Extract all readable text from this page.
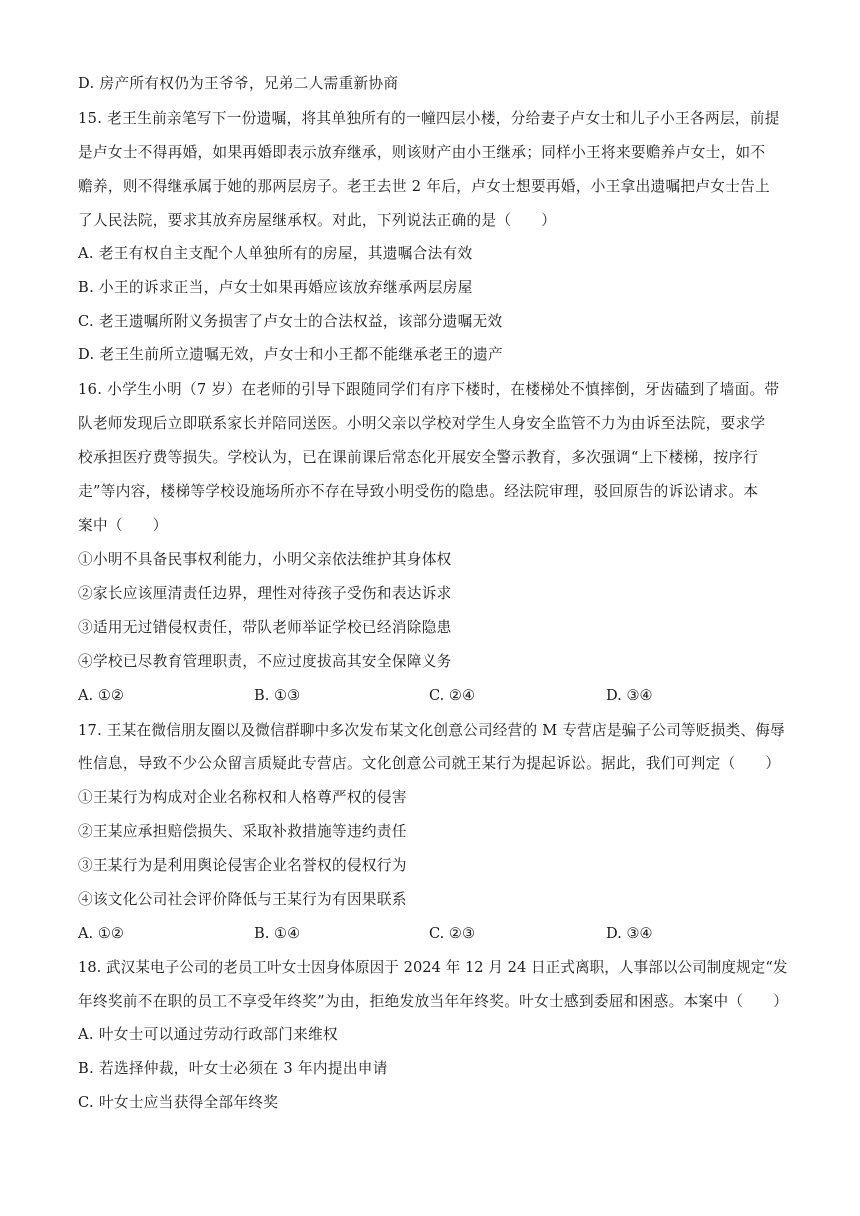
D. 房产所有权仍为王爷爷，兄弟二人需重新协商
15. 老王生前亲笔写下一份遗嘱，将其单独所有的一幢四层小楼，分给妻子卢女士和儿子小王各两层，前提
是卢女士不得再婚，如果再婚即表示放弃继承，则该财产由小王继承；同样小王将来要赡养卢女士，如不
赡养，则不得继承属于她的那两层房子。老王去世 2 年后，卢女士想要再婚，小王拿出遗嘱把卢女士告上
了人民法院，要求其放弃房屋继承权。对此，下列说法正确的是（　　）
A. 老王有权自主支配个人单独所有的房屋，其遗嘱合法有效
B. 小王的诉求正当，卢女士如果再婚应该放弃继承两层房屋
C. 老王遗嘱所附义务损害了卢女士的合法权益，该部分遗嘱无效
D. 老王生前所立遗嘱无效，卢女士和小王都不能继承老王的遗产
16. 小学生小明（7 岁）在老师的引导下跟随同学们有序下楼时，在楼梯处不慎摔倒，牙齿磕到了墙面。带
队老师发现后立即联系家长并陪同送医。小明父亲以学校对学生人身安全监管不力为由诉至法院，要求学
校承担医疗费等损失。学校认为，已在课前课后常态化开展安全警示教育，多次强调“上下楼梯，按序行
走”等内容，楼梯等学校设施场所亦不存在导致小明受伤的隐患。经法院审理，驳回原告的诉讼请求。本
案中（　　）
①小明不具备民事权利能力，小明父亲依法维护其身体权
②家长应该厘清责任边界，理性对待孩子受伤和表达诉求
③适用无过错侵权责任，带队老师举证学校已经消除隐患
④学校已尽教育管理职责，不应过度拔高其安全保障义务
A. ①②	B. ①③	C. ②④	D. ③④
17. 王某在微信朋友圈以及微信群聊中多次发布某文化创意公司经营的 M 专营店是骗子公司等贬损类、侮辱
性信息，导致不少公众留言质疑此专营店。文化创意公司就王某行为提起诉讼。据此，我们可判定（　　）
①王某行为构成对企业名称权和人格尊严权的侵害
②王某应承担赔偿损失、采取补救措施等违约责任
③王某行为是利用舆论侵害企业名誉权的侵权行为
④该文化公司社会评价降低与王某行为有因果联系
A. ①②	B. ①④	C. ②③	D. ③④
18. 武汉某电子公司的老员工叶女士因身体原因于 2024 年 12 月 24 日正式离职，人事部以公司制度规定“发
年终奖前不在职的员工不享受年终奖”为由，拒绝发放当年年终奖。叶女士感到委屈和困惑。本案中（　　）
A. 叶女士可以通过劳动行政部门来维权
B. 若选择仲裁，叶女士必须在 3 年内提出申请
C. 叶女士应当获得全部年终奖
